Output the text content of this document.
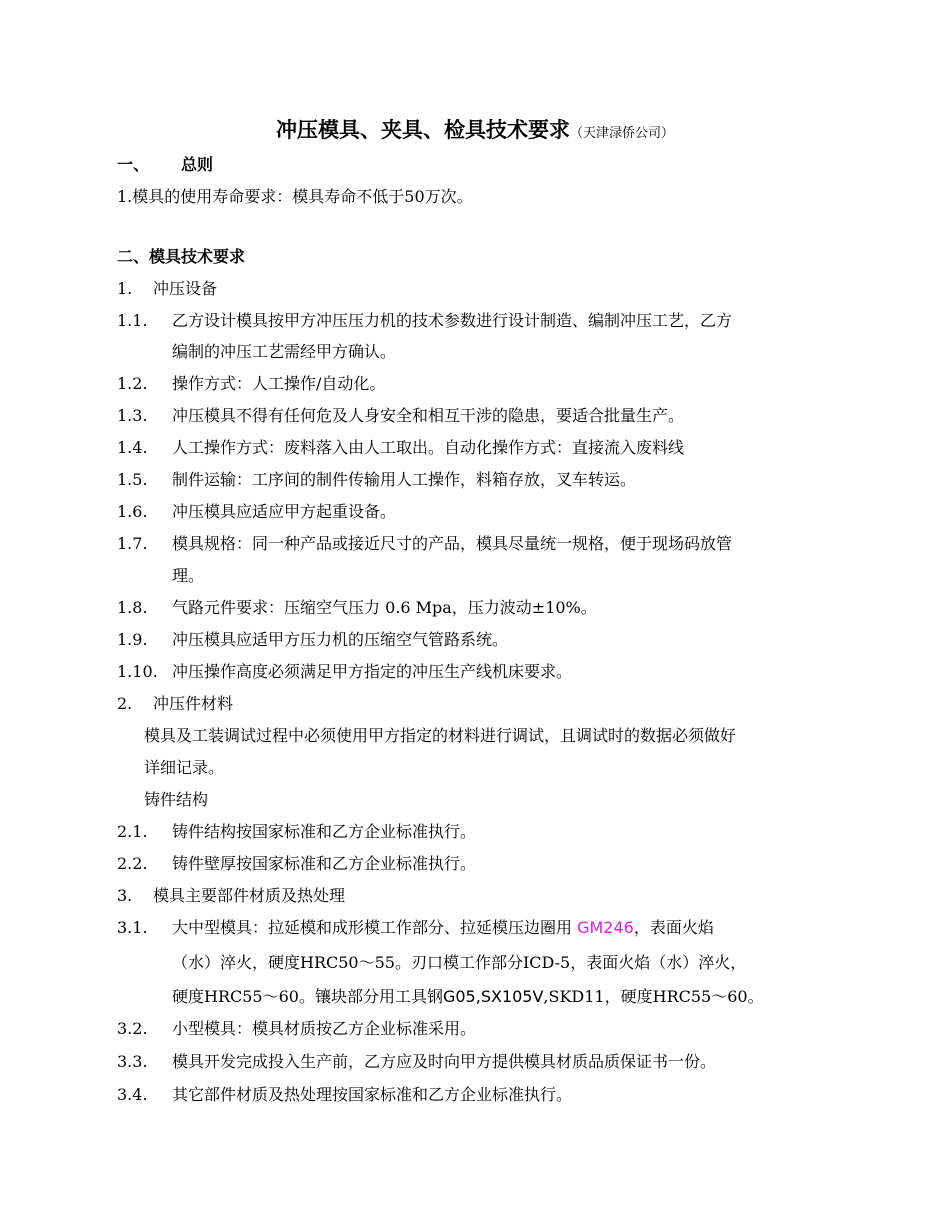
冲压模具、夹具、检具技术要求（天津渌侨公司）
一、 总则
1.模具的使用寿命要求：模具寿命不低于50万次。
二、模具技术要求
1. 冲压设备
1.1. 乙方设计模具按甲方冲压压力机的技术参数进行设计制造、编制冲压工艺，乙方
编制的冲压工艺需经甲方确认。
1.2. 操作方式：人工操作/自动化。
1.3. 冲压模具不得有任何危及人身安全和相互干涉的隐患，要适合批量生产。
1.4. 人工操作方式：废料落入由人工取出。自动化操作方式：直接流入废料线
1.5. 制件运输：工序间的制件传输用人工操作，料箱存放，叉车转运。
1.6. 冲压模具应适应甲方起重设备。
1.7. 模具规格：同一种产品或接近尺寸的产品，模具尽量统一规格，便于现场码放管
理。
1.8. 气路元件要求：压缩空气压力 0.6 Mpa，压力波动±10%。
1.9. 冲压模具应适甲方压力机的压缩空气管路系统。
1.10. 冲压操作高度必须满足甲方指定的冲压生产线机床要求。
2. 冲压件材料
模具及工装调试过程中必须使用甲方指定的材料进行调试，且调试时的数据必须做好
详细记录。
铸件结构
2.1. 铸件结构按国家标准和乙方企业标准执行。
2.2. 铸件壁厚按国家标准和乙方企业标准执行。
3. 模具主要部件材质及热处理
3.1. 大中型模具：拉延模和成形模工作部分、拉延模压边圈用 GM246，表面火焰
（水）淬火，硬度HRC50～55。刃口模工作部分ICD-5，表面火焰（水）淬火，
硬度HRC55～60。镶块部分用工具钢G05,SX105V,SKD11，硬度HRC55～60。
3.2. 小型模具：模具材质按乙方企业标准采用。
3.3. 模具开发完成投入生产前，乙方应及时向甲方提供模具材质品质保证书一份。
3.4. 其它部件材质及热处理按国家标准和乙方企业标准执行。
